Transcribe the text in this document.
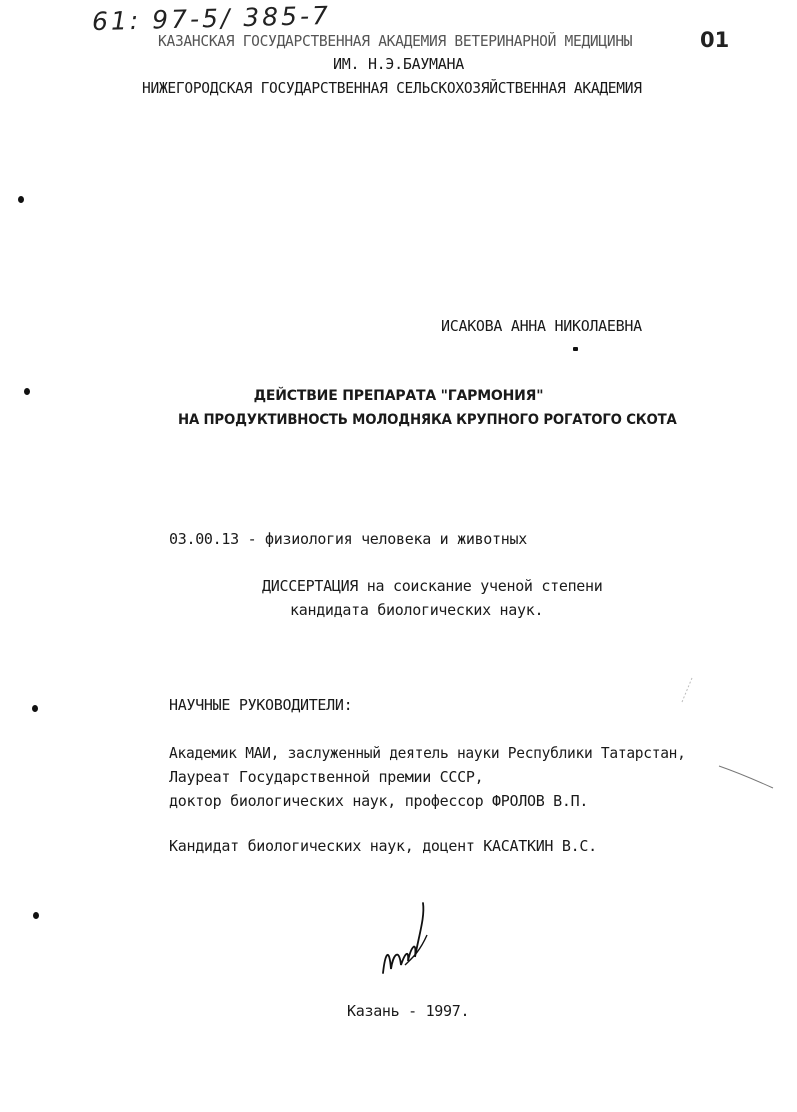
61: 97-5/ 385-7
01
КАЗАНСКАЯ ГОСУДАРСТВЕННАЯ АКАДЕМИЯ ВЕТЕРИНАРНОЙ МЕДИЦИНЫ
ИМ. Н.Э.БАУМАНА
НИЖЕГОРОДСКАЯ ГОСУДАРСТВЕННАЯ СЕЛЬСКОХОЗЯЙСТВЕННАЯ АКАДЕМИЯ
ИСАКОВА АННА НИКОЛАЕВНА
ДЕЙСТВИЕ ПРЕПАРАТА "ГАРМОНИЯ"
НА ПРОДУКТИВНОСТЬ МОЛОДНЯКА КРУПНОГО РОГАТОГО СКОТА
03.00.13 - физиология человека и животных
ДИССЕРТАЦИЯ на соискание ученой степени
кандидата биологических наук.
НАУЧНЫЕ РУКОВОДИТЕЛИ:
Академик МАИ, заслуженный деятель науки Республики Татарстан,
Лауреат Государственной премии СССР,
доктор биологических наук, профессор ФРОЛОВ В.П.
Кандидат биологических наук, доцент КАСАТКИН В.С.
Казань - 1997.
